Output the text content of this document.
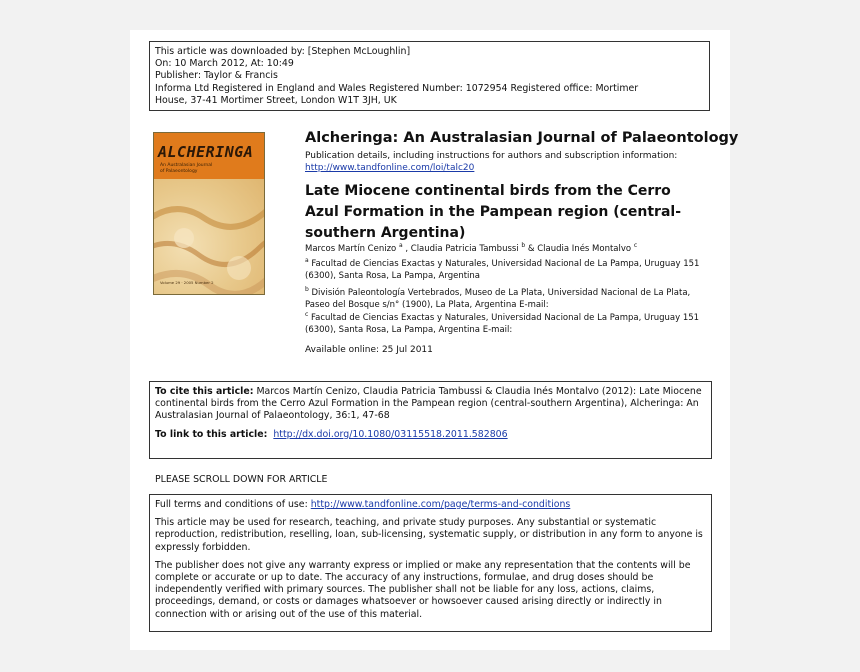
This article was downloaded by: [Stephen McLoughlin]
On: 10 March 2012, At: 10:49
Publisher: Taylor & Francis
Informa Ltd Registered in England and Wales Registered Number: 1072954 Registered office: Mortimer
House, 37-41 Mortimer Street, London W1T 3JH, UK
ALCHERINGA
An Australasian Journal
of Palaeontology
Volume 29 · 2005 Number 2
Alcheringa: An Australasian Journal of Palaeontology
Publication details, including instructions for authors and subscription information:
http://www.tandfonline.com/loi/talc20
Late Miocene continental birds from the Cerro Azul Formation in the Pampean region (central-southern Argentina)
Marcos Martín Cenizo $^a$ , Claudia Patricia Tambussi $^b$ & Claudia Inés Montalvo $^c$
$^a$ Facultad de Ciencias Exactas y Naturales, Universidad Nacional de La Pampa, Uruguay 151 (6300), Santa Rosa, La Pampa, Argentina
$^b$ División Paleontología Vertebrados, Museo de La Plata, Universidad Nacional de La Plata, Paseo del Bosque s/n° (1900), La Plata, Argentina E-mail:
$^c$ Facultad de Ciencias Exactas y Naturales, Universidad Nacional de La Pampa, Uruguay 151 (6300), Santa Rosa, La Pampa, Argentina E-mail:
Available online: 25 Jul 2011
To cite this article: Marcos Martín Cenizo, Claudia Patricia Tambussi & Claudia Inés Montalvo (2012): Late Miocene continental birds from the Cerro Azul Formation in the Pampean region (central-southern Argentina), Alcheringa: An Australasian Journal of Palaeontology, 36:1, 47-68
To link to this article: http://dx.doi.org/10.1080/03115518.2011.582806
PLEASE SCROLL DOWN FOR ARTICLE
Full terms and conditions of use: http://www.tandfonline.com/page/terms-and-conditions
This article may be used for research, teaching, and private study purposes. Any substantial or systematic reproduction, redistribution, reselling, loan, sub-licensing, systematic supply, or distribution in any form to anyone is expressly forbidden.
The publisher does not give any warranty express or implied or make any representation that the contents will be complete or accurate or up to date. The accuracy of any instructions, formulae, and drug doses should be independently verified with primary sources. The publisher shall not be liable for any loss, actions, claims, proceedings, demand, or costs or damages whatsoever or howsoever caused arising directly or indirectly in connection with or arising out of the use of this material.
